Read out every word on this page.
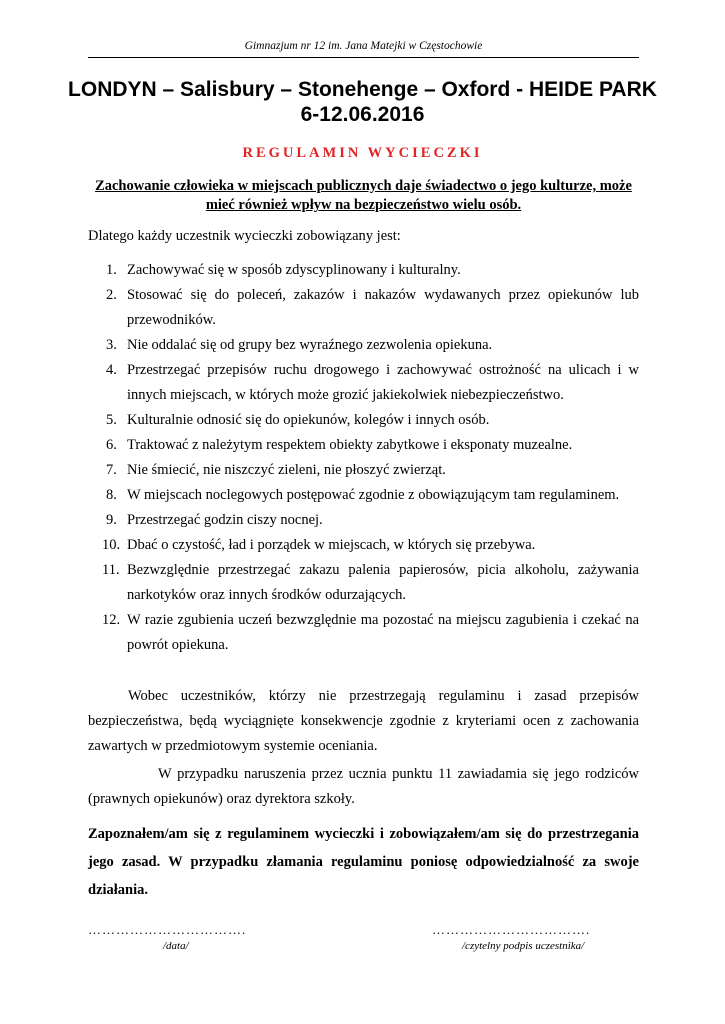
Gimnazjum nr 12 im. Jana Matejki w Częstochowie
LONDYN – Salisbury – Stonehenge – Oxford - HEIDE PARK
6-12.06.2016
REGULAMIN WYCIECZKI
Zachowanie człowieka w miejscach publicznych daje świadectwo o jego kulturze, może mieć również wpływ na bezpieczeństwo wielu osób.
Dlatego każdy uczestnik wycieczki zobowiązany jest:
1. Zachowywać się w sposób zdyscyplinowany i kulturalny.
2. Stosować się do poleceń, zakazów i nakazów wydawanych przez opiekunów lub przewodników.
3. Nie oddalać się od grupy bez wyraźnego zezwolenia opiekuna.
4. Przestrzegać przepisów ruchu drogowego i zachowywać ostrożność na ulicach i w innych miejscach, w których może grozić jakiekolwiek niebezpieczeństwo.
5. Kulturalnie odnosić się do opiekunów, kolegów i innych osób.
6. Traktować z należytym respektem obiekty zabytkowe i eksponaty muzealne.
7. Nie śmiecić, nie niszczyć zieleni, nie płoszyć zwierząt.
8. W miejscach noclegowych postępować zgodnie z obowiązującym tam regulaminem.
9. Przestrzegać godzin ciszy nocnej.
10. Dbać o czystość, ład i porządek w miejscach, w których się przebywa.
11. Bezwzględnie przestrzegać zakazu palenia papierosów, picia alkoholu, zażywania narkotyków oraz innych środków odurzających.
12. W razie zgubienia uczeń bezwzględnie ma pozostać na miejscu zagubienia i czekać na powrót opiekuna.
Wobec uczestników, którzy nie przestrzegają regulaminu i zasad przepisów bezpieczeństwa, będą wyciągnięte konsekwencje zgodnie z kryteriami ocen z zachowania zawartych w przedmiotowym systemie oceniania.
W przypadku naruszenia przez ucznia punktu 11 zawiadamia się jego rodziców (prawnych opiekunów) oraz dyrektora szkoły.
Zapoznałem/am się z regulaminem wycieczki i zobowiązałem/am się do przestrzegania jego zasad. W przypadku złamania regulaminu poniosę odpowiedzialność za swoje działania.
…………………………….	…………………………….
/data/	/czytelny podpis uczestnika/
